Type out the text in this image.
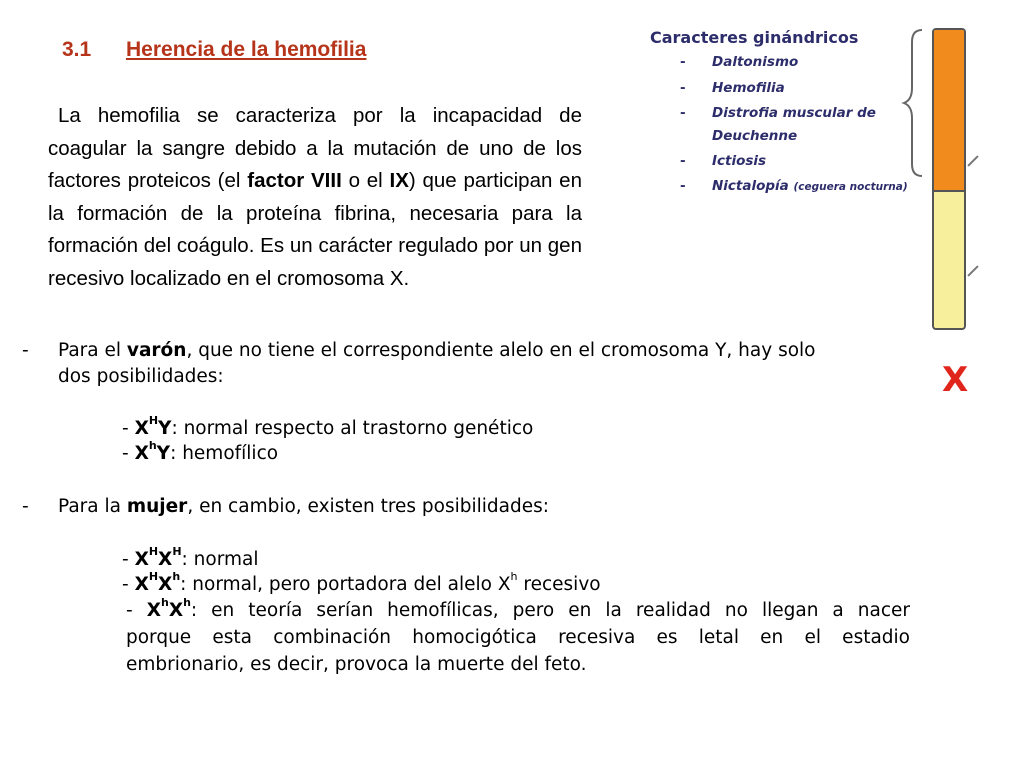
3.1 Herencia de la hemofilia
La hemofilia se caracteriza por la incapacidad de coagular la sangre debido a la mutación de uno de los factores proteicos (el factor VIII o el IX) que participan en la formación de la proteína fibrina, necesaria para la formación del coágulo. Es un carácter regulado por un gen recesivo localizado en el cromosoma X.
Caracteres ginándricos
- Daltonismo
- Hemofilia
- Distrofia muscular de
Deuchenne
- Ictiosis
- Nictalopía (ceguera nocturna)
X
- Para el varón, que no tiene el correspondiente alelo en el cromosoma Y, hay solo
dos posibilidades:
- $X^HY$: normal respecto al trastorno genético
- $X^hY$: hemofílico
- Para la mujer, en cambio, existen tres posibilidades:
- $X^HX^H$: normal
- $X^HX^h$: normal, pero portadora del alelo $X^h$ recesivo
- $X^hX^h$: en teoría serían hemofílicas, pero en la realidad no llegan a nacer
porque esta combinación homocigótica recesiva es letal en el estadio
embrionario, es decir, provoca la muerte del feto.
